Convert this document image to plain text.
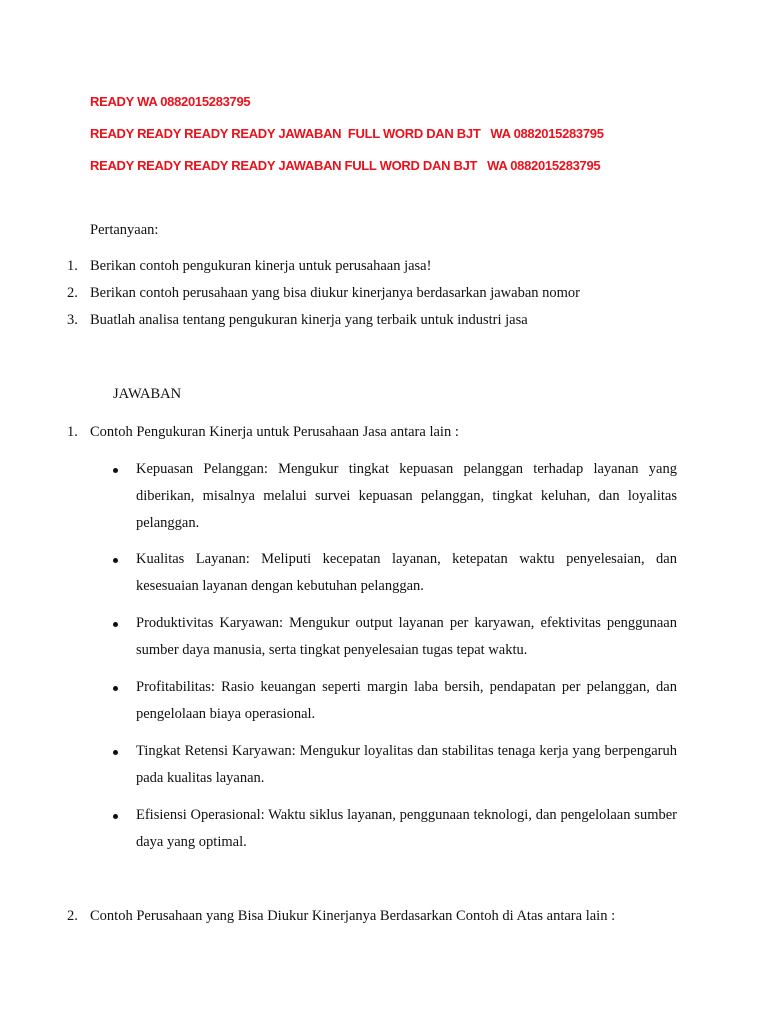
READY WA 0882015283795
READY READY READY READY JAWABAN  FULL WORD DAN BJT   WA 0882015283795
READY READY READY READY JAWABAN FULL WORD DAN BJT   WA 0882015283795
Pertanyaan:
1. Berikan contoh pengukuran kinerja untuk perusahaan jasa!
2. Berikan contoh perusahaan yang bisa diukur kinerjanya berdasarkan jawaban nomor
3. Buatlah analisa tentang pengukuran kinerja yang terbaik untuk industri jasa
JAWABAN
1. Contoh Pengukuran Kinerja untuk Perusahaan Jasa antara lain :
Kepuasan Pelanggan: Mengukur tingkat kepuasan pelanggan terhadap layanan yang diberikan, misalnya melalui survei kepuasan pelanggan, tingkat keluhan, dan loyalitas pelanggan.
Kualitas Layanan: Meliputi kecepatan layanan, ketepatan waktu penyelesaian, dan kesesuaian layanan dengan kebutuhan pelanggan.
Produktivitas Karyawan: Mengukur output layanan per karyawan, efektivitas penggunaan sumber daya manusia, serta tingkat penyelesaian tugas tepat waktu.
Profitabilitas: Rasio keuangan seperti margin laba bersih, pendapatan per pelanggan, dan pengelolaan biaya operasional.
Tingkat Retensi Karyawan: Mengukur loyalitas dan stabilitas tenaga kerja yang berpengaruh pada kualitas layanan.
Efisiensi Operasional: Waktu siklus layanan, penggunaan teknologi, dan pengelolaan sumber daya yang optimal.
2. Contoh Perusahaan yang Bisa Diukur Kinerjanya Berdasarkan Contoh di Atas antara lain :
